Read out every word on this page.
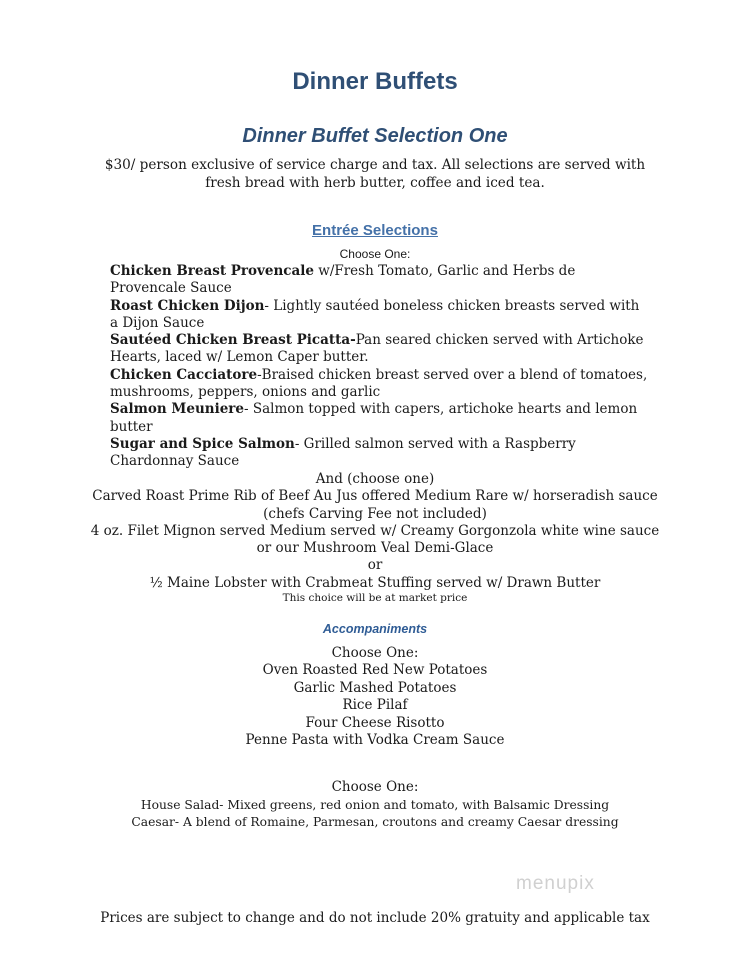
Dinner Buffets
Dinner Buffet Selection One
$30/ person exclusive of service charge and tax. All selections are served with fresh bread with herb butter, coffee and iced tea.
Entrée Selections
Choose One:

Chicken Breast Provencale w/Fresh Tomato, Garlic and Herbs de Provencale Sauce

Roast Chicken Dijon- Lightly sautéed boneless chicken breasts served with a Dijon Sauce

Sautéed Chicken Breast Picatta-Pan seared chicken served with Artichoke Hearts, laced w/ Lemon Caper butter.

Chicken Cacciatore-Braised chicken breast served over a blend of tomatoes, mushrooms, peppers, onions and garlic

Salmon Meuniere- Salmon topped with capers, artichoke hearts and lemon butter

Sugar and Spice Salmon- Grilled salmon served with a Raspberry Chardonnay Sauce

And (choose one)
Carved Roast Prime Rib of Beef Au Jus offered Medium Rare w/ horseradish sauce
(chefs Carving Fee not included)
4 oz. Filet Mignon served Medium served w/ Creamy Gorgonzola white wine sauce
or our Mushroom Veal Demi-Glace
or
½ Maine Lobster with Crabmeat Stuffing served w/ Drawn Butter
This choice will be at market price
Accompaniments
Choose One:
Oven Roasted Red New Potatoes
Garlic Mashed Potatoes
Rice Pilaf
Four Cheese Risotto
Penne Pasta with Vodka Cream Sauce
Choose One:
House Salad- Mixed greens, red onion and tomato, with Balsamic Dressing
Caesar- A blend of Romaine, Parmesan, croutons and creamy Caesar dressing
menupix
Prices are subject to change and do not include 20% gratuity and applicable tax
